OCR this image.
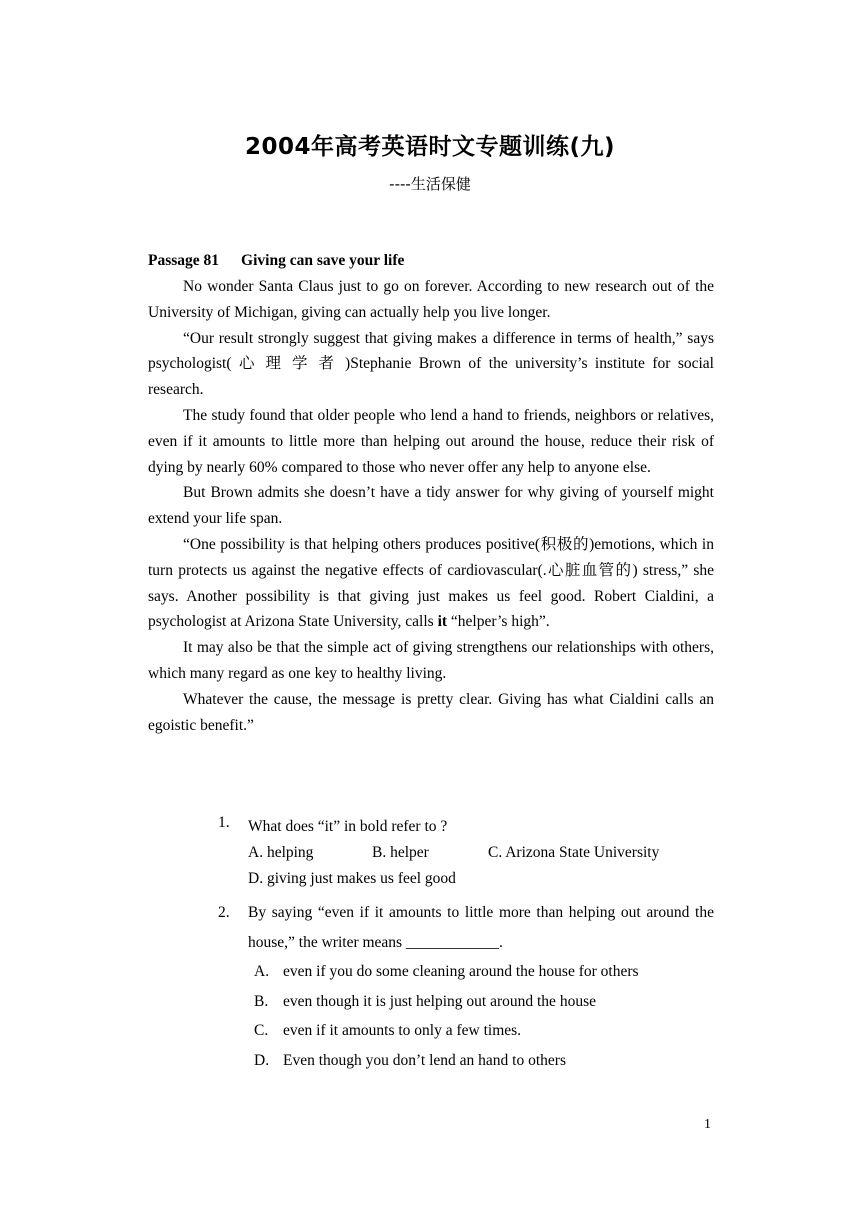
2004年高考英语时文专题训练(九)
----生活保健
Passage 81 Giving can save your life

No wonder Santa Claus just to go on forever. According to new research out of the University of Michigan, giving can actually help you live longer.

“Our result strongly suggest that giving makes a difference in terms of health,” says psychologist( 心 理 学 者 )Stephanie Brown of the university’s institute for social research.

The study found that older people who lend a hand to friends, neighbors or relatives, even if it amounts to little more than helping out around the house, reduce their risk of dying by nearly 60% compared to those who never offer any help to anyone else.

But Brown admits she doesn’t have a tidy answer for why giving of yourself might extend your life span.

“One possibility is that helping others produces positive(积极的)emotions, which in turn protects us against the negative effects of cardiovascular(.心脏血管的) stress,” she says. Another possibility is that giving just makes us feel good. Robert Cialdini, a psychologist at Arizona State University, calls it “helper’s high”.

It may also be that the simple act of giving strengthens our relationships with others, which many regard as one key to healthy living.

Whatever the cause, the message is pretty clear. Giving has what Cialdini calls an egoistic benefit.”

1. What does “it” in bold refer to ?
A. helping	B. helper	C. Arizona State University
D. giving just makes us feel good
2. By saying “even if it amounts to little more than helping out around the house,” the writer means ____________.
A. even if you do some cleaning around the house for others
B. even though it is just helping out around the house
C. even if it amounts to only a few times.
D. Even though you don’t lend an hand to others
1
